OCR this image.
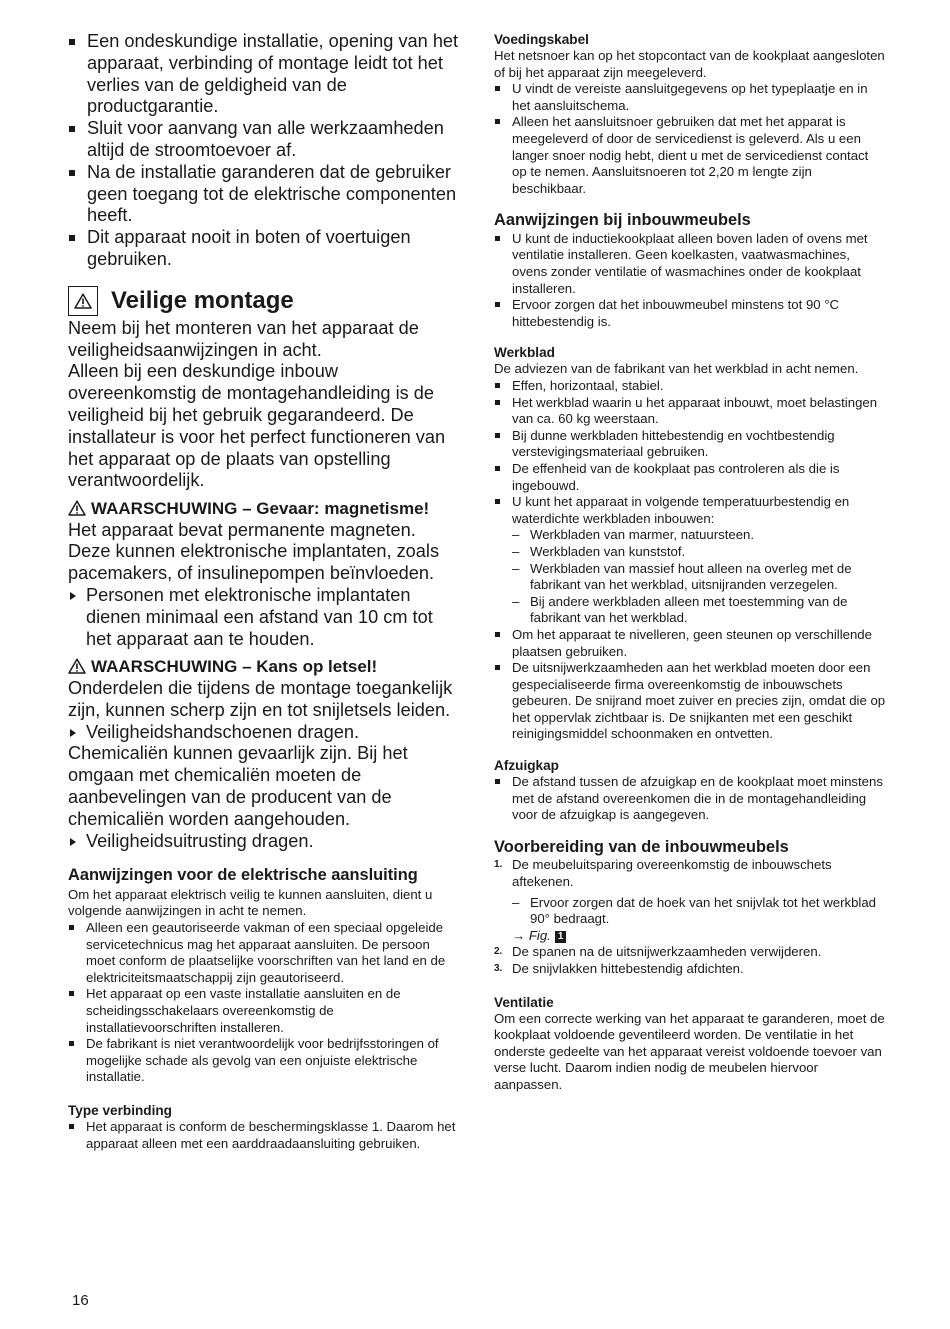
Een ondeskundige installatie, opening van het apparaat, verbinding of montage leidt tot het verlies van de geldigheid van de productgarantie.
Sluit voor aanvang van alle werkzaamheden altijd de stroomtoevoer af.
Na de installatie garanderen dat de gebruiker geen toegang tot de elektrische componenten heeft.
Dit apparaat nooit in boten of voertuigen gebruiken.
Veilige montage

Neem bij het monteren van het apparaat de veiligheidsaanwijzingen in acht.

Alleen bij een deskundige inbouw overeenkomstig de montagehandleiding is de veiligheid bij het gebruik gegarandeerd. De installateur is voor het perfect functioneren van het apparaat op de plaats van opstelling verantwoordelijk.

WAARSCHUWING – Gevaar: magnetisme!

Het apparaat bevat permanente magneten. Deze kunnen elektronische implantaten, zoals pacemakers, of insulinepompen beïnvloeden.

Personen met elektronische implantaten dienen minimaal een afstand van 10 cm tot het apparaat aan te houden.
WAARSCHUWING – Kans op letsel!

Onderdelen die tijdens de montage toegankelijk zijn, kunnen scherp zijn en tot snijletsels leiden.

Veiligheidshandschoenen dragen.

Chemicaliën kunnen gevaarlijk zijn. Bij het omgaan met chemicaliën moeten de aanbevelingen van de producent van de chemicaliën worden aangehouden.

Veiligheidsuitrusting dragen.
Aanwijzingen voor de elektrische aansluiting

Om het apparaat elektrisch veilig te kunnen aansluiten, dient u volgende aanwijzingen in acht te nemen.

Alleen een geautoriseerde vakman of een speciaal opgeleide servicetechnicus mag het apparaat aansluiten. De persoon moet conform de plaatselijke voorschriften van het land en de elektriciteitsmaatschappij zijn geautoriseerd.
Het apparaat op een vaste installatie aansluiten en de scheidingsschakelaars overeenkomstig de installatievoorschriften installeren.
De fabrikant is niet verantwoordelijk voor bedrijfsstoringen of mogelijke schade als gevolg van een onjuiste elektrische installatie.
Type verbinding
Het apparaat is conform de beschermingsklasse 1. Daarom het apparaat alleen met een aarddraadaansluiting gebruiken.
Voedingskabel

Het netsnoer kan op het stopcontact van de kookplaat aangesloten of bij het apparaat zijn meegeleverd.

U vindt de vereiste aansluitgegevens op het typeplaatje en in het aansluitschema.
Alleen het aansluitsnoer gebruiken dat met het apparat is meegeleverd of door de servicedienst is geleverd. Als u een langer snoer nodig hebt, dient u met de servicedienst contact op te nemen. Aansluitsnoeren tot 2,20 m lengte zijn beschikbaar.
Aanwijzingen bij inbouwmeubels
U kunt de inductiekookplaat alleen boven laden of ovens met ventilatie installeren. Geen koelkasten, vaatwasmachines, ovens zonder ventilatie of wasmachines onder de kookplaat installeren.
Ervoor zorgen dat het inbouwmeubel minstens tot 90 °C hittebestendig is.
Werkblad

De adviezen van de fabrikant van het werkblad in acht nemen.

Effen, horizontaal, stabiel.
Het werkblad waarin u het apparaat inbouwt, moet belastingen van ca. 60 kg weerstaan.
Bij dunne werkbladen hittebestendig en vochtbestendig verstevigingsmateriaal gebruiken.
De effenheid van de kookplaat pas controleren als die is ingebouwd.
U kunt het apparaat in volgende temperatuurbestendig en waterdichte werkbladen inbouwen:
– Werkbladen van marmer, natuursteen.
– Werkbladen van kunststof.
– Werkbladen van massief hout alleen na overleg met de fabrikant van het werkblad, uitsnijranden verzegelen.
– Bij andere werkbladen alleen met toestemming van de fabrikant van het werkblad.
Om het apparaat te nivelleren, geen steunen op verschillende plaatsen gebruiken.
De uitsnijwerkzaamheden aan het werkblad moeten door een gespecialiseerde firma overeenkomstig de inbouwschets gebeuren. De snijrand moet zuiver en precies zijn, omdat die op het oppervlak zichtbaar is. De snijkanten met een geschikt reinigingsmiddel schoonmaken en ontvetten.
Afzuigkap
De afstand tussen de afzuigkap en de kookplaat moet minstens met de afstand overeenkomen die in de montagehandleiding voor de afzuigkap is aangegeven.
Voorbereiding van de inbouwmeubels
1. De meubeluitsparing overeenkomstig de inbouwschets aftekenen.
– Ervoor zorgen dat de hoek van het snijvlak tot het werkblad 90° bedraagt.
→ Fig. 1
2. De spanen na de uitsnijwerkzaamheden verwijderen.
3. De snijvlakken hittebestendig afdichten.
Ventilatie

Om een correcte werking van het apparaat te garanderen, moet de kookplaat voldoende geventileerd worden. De ventilatie in het onderste gedeelte van het apparaat vereist voldoende toevoer van verse lucht. Daarom indien nodig de meubelen hiervoor aanpassen.

16
